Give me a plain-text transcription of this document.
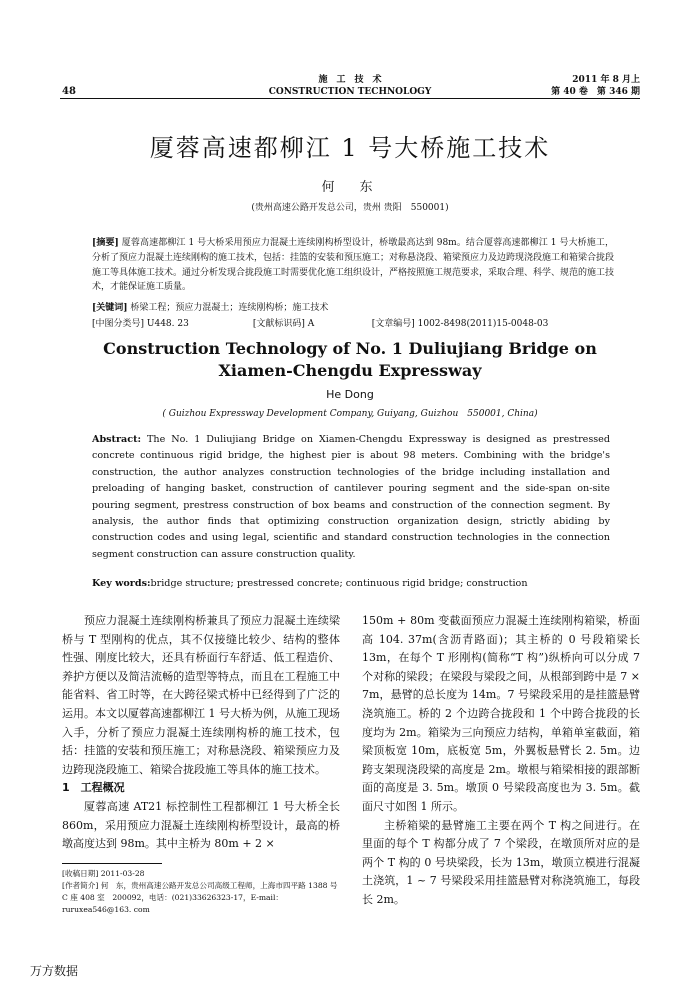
48
施　工　技　术
CONSTRUCTION TECHNOLOGY
2011 年 8 月上
第 40 卷　第 346 期
厦蓉高速都柳江 1 号大桥施工技术
何　东
(贵州高速公路开发总公司，贵州 贵阳　550001)
[摘要] 厦蓉高速都柳江 1 号大桥采用预应力混凝土连续刚构桥型设计，桥墩最高达到 98m。结合厦蓉高速都柳江 1 号大桥施工，分析了预应力混凝土连续刚构的施工技术，包括：挂篮的安装和预压施工；对称悬浇段、箱梁预应力及边跨现浇段施工和箱梁合拢段施工等具体施工技术。通过分析发现合拢段施工时需要优化施工组织设计，严格按照施工规范要求，采取合理、科学、规范的施工技术，才能保证施工质量。
[关键词] 桥梁工程；预应力混凝土；连续刚构桥；施工技术
[中图分类号] U448. 23	[文献标识码] A	[文章编号] 1002-8498(2011)15-0048-03
Construction Technology of No. 1 Duliujiang Bridge on
Xiamen-Chengdu Expressway
He Dong
( Guizhou Expressway Development Company, Guiyang, Guizhou　550001, China)
Abstract: The No. 1 Duliujiang Bridge on Xiamen-Chengdu Expressway is designed as prestressed concrete continuous rigid bridge, the highest pier is about 98 meters. Combining with the bridge's construction, the author analyzes construction technologies of the bridge including installation and preloading of hanging basket, construction of cantilever pouring segment and the side-span on-site pouring segment, prestress construction of box beams and construction of the connection segment. By analysis, the author finds that optimizing construction organization design, strictly abiding by construction codes and using legal, scientific and standard construction technologies in the connection segment construction can assure construction quality.
Key words:bridge structure; prestressed concrete; continuous rigid bridge; construction

预应力混凝土连续刚构桥兼具了预应力混凝土连续梁桥与 T 型刚构的优点，其不仅接缝比较少、结构的整体性强、刚度比较大，还具有桥面行车舒适、低工程造价、养护方便以及简洁流畅的造型等特点，而且在工程施工中能省料、省工时等，在大跨径梁式桥中已经得到了广泛的运用。本文以厦蓉高速都柳江 1 号大桥为例，从施工现场入手，分析了预应力混凝土连续刚构桥的施工技术，包括：挂篮的安装和预压施工；对称悬浇段、箱梁预应力及边跨现浇段施工、箱梁合拢段施工等具体的施工技术。

1　工程概况

厦蓉高速 AT21 标控制性工程都柳江 1 号大桥全长 860m，采用预应力混凝土连续刚构桥型设计，最高的桥墩高度达到 98m。其中主桥为 80m + 2 ×

150m + 80m 变截面预应力混凝土连续刚构箱梁，桥面高 104. 37m(含沥青路面)；其主桥的 0 号段箱梁长 13m，在每个 T 形刚构(简称“T 构”)纵桥向可以分成 7 个对称的梁段；在梁段与梁段之间，从根部到跨中是 7 × 7m，悬臂的总长度为 14m。7 号梁段采用的是挂篮悬臂浇筑施工。桥的 2 个边跨合拢段和 1 个中跨合拢段的长度均为 2m。箱梁为三向预应力结构，单箱单室截面，箱梁顶板宽 10m，底板宽 5m，外翼板悬臂长 2. 5m。边跨支架现浇段梁的高度是 2m。墩根与箱梁相接的跟部断面的高度是 3. 5m。墩顶 0 号梁段高度也为 3. 5m。截面尺寸如图 1 所示。

主桥箱梁的悬臂施工主要在两个 T 构之间进行。在里面的每个 T 构都分成了 7 个梁段，在墩顶所对应的是两个 T 构的 0 号块梁段，长为 13m，墩顶立模进行混凝土浇筑，1 ~ 7 号梁段采用挂篮悬臂对称浇筑施工，每段长 2m。

[收稿日期] 2011-03-28
[作者简介] 何　东，贵州高速公路开发总公司高级工程师，上海市四平路 1388 号 C 座 408 室　200092，电话：(021)33626323-17，E-mail：ruruxea546@163. com
万方数据
